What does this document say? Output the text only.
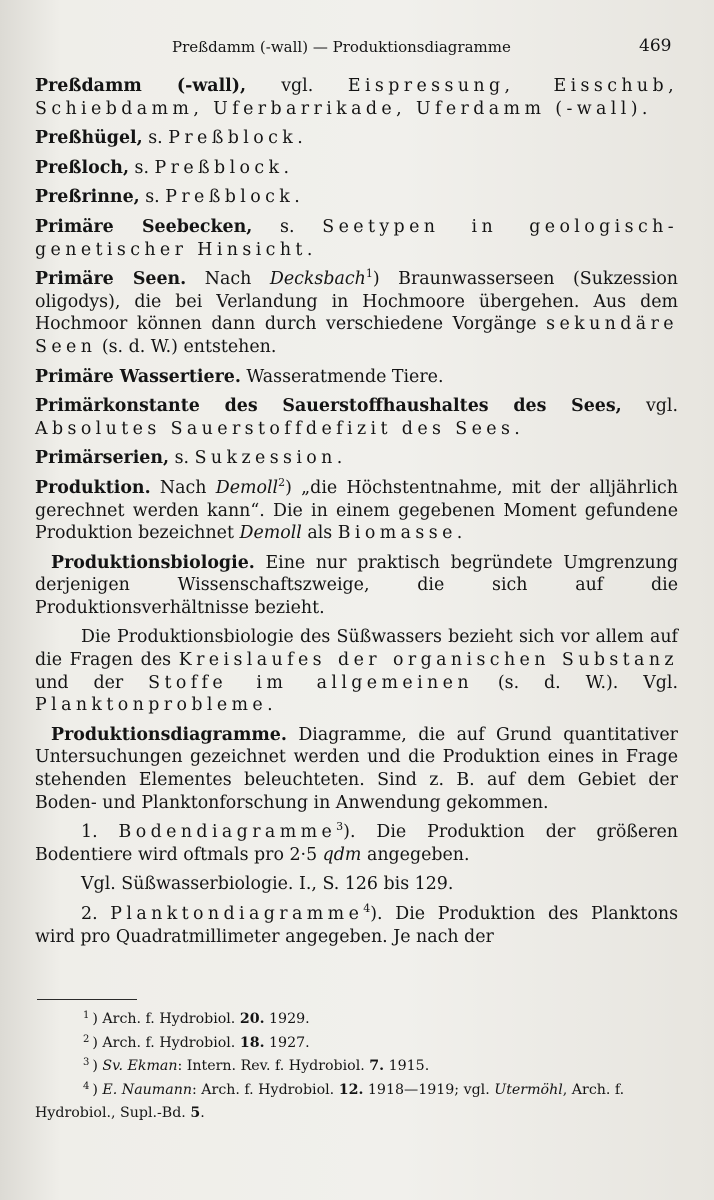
Preßdamm (-wall) — Produktionsdiagramme	469

Preßdamm (-wall), vgl. Eispressung, Eisschub, Schiebdamm, Uferbarrikade, Uferdamm (-wall).

Preßhügel, s. Preßblock.

Preßloch, s. Preßblock.

Preßrinne, s. Preßblock.

Primäre Seebecken, s. Seetypen in geologisch-genetischer Hinsicht.

Primäre Seen. Nach Decksbach$^1$) Braunwasserseen (Sukzession oligodys), die bei Verlandung in Hochmoore übergehen. Aus dem Hochmoor können dann durch verschiedene Vorgänge sekundäre Seen (s. d. W.) entstehen.

Primäre Wassertiere. Wasseratmende Tiere.

Primärkonstante des Sauerstoffhaushaltes des Sees, vgl. Absolutes Sauerstoffdefizit des Sees.

Primärserien, s. Sukzession.

Produktion. Nach Demoll$^2$) „die Höchstentnahme, mit der alljährlich gerechnet werden kann“. Die in einem gegebenen Moment gefundene Produktion bezeichnet Demoll als Biomasse.

Produktionsbiologie. Eine nur praktisch begründete Umgrenzung derjenigen Wissenschaftszweige, die sich auf die Produktionsverhältnisse bezieht.

Die Produktionsbiologie des Süßwassers bezieht sich vor allem auf die Fragen des Kreislaufes der organischen Substanz und der Stoffe im allgemeinen (s. d. W.). Vgl. Planktonprobleme.

Produktionsdiagramme. Diagramme, die auf Grund quantitativer Untersuchungen gezeichnet werden und die Produktion eines in Frage stehenden Elementes beleuchteten. Sind z. B. auf dem Gebiet der Boden- und Planktonforschung in Anwendung gekommen.

1. Bodendiagramme$^3$). Die Produktion der größeren Bodentiere wird oftmals pro 2·5 qdm angegeben.

Vgl. Süßwasserbiologie. I., S. 126 bis 129.

2. Planktondiagramme$^4$). Die Produktion des Planktons wird pro Quadratmillimeter angegeben. Je nach der

$^1$ ) Arch. f. Hydrobiol. 20. 1929.
$^2$ ) Arch. f. Hydrobiol. 18. 1927.
$^3$ ) Sv. Ekman: Intern. Rev. f. Hydrobiol. 7. 1915.
$^4$ ) E. Naumann: Arch. f. Hydrobiol. 12. 1918—1919; vgl. Utermöhl, Arch. f. Hydrobiol., Supl.-Bd. 5.
